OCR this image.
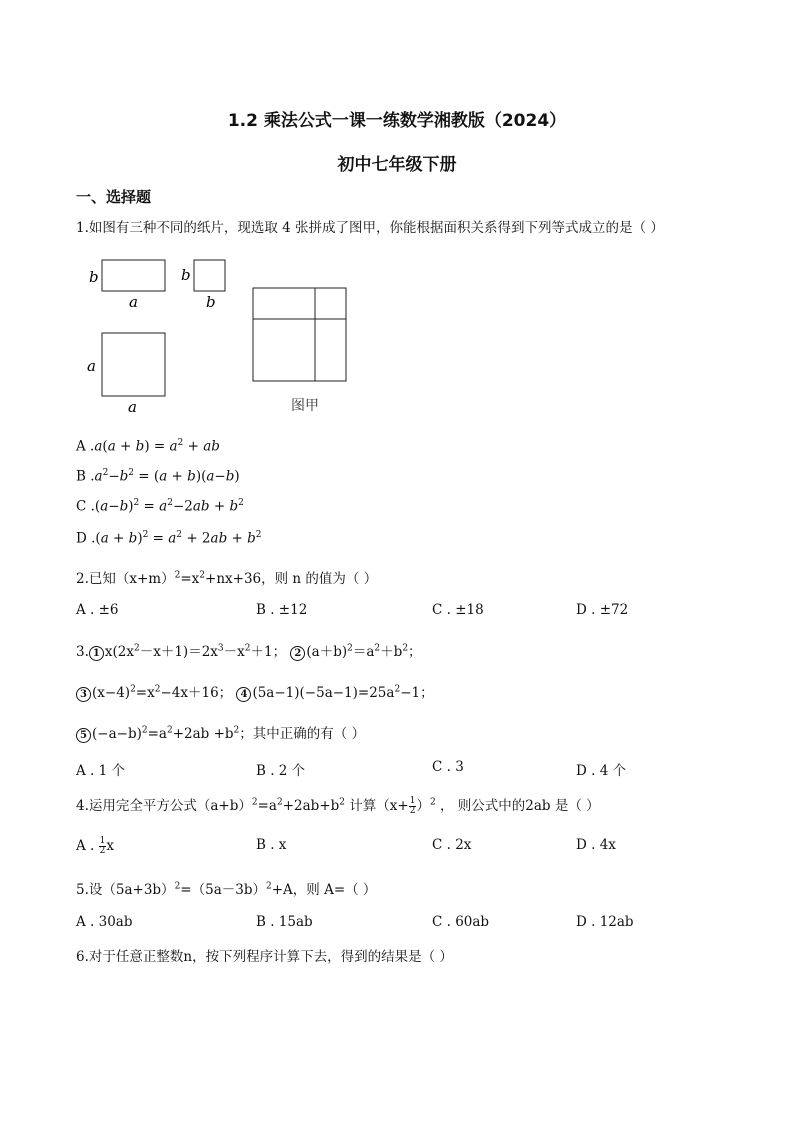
1.2 乘法公式一课一练数学湘教版（2024）
初中七年级下册
一、选择题
1.如图有三种不同的纸片，现选取 4 张拼成了图甲，你能根据面积关系得到下列等式成立的是（ ）
b
a
b
b
a
a	图甲
A $.a(a + b) = a^2$ + ab
B $.a^2-b^2 = (a + b)(a-b)$
C $.(a-b)^2 = a^2-2ab + b^2$
D $.(a + b)^2 = a^2 + 2ab + b^2$
2.已知$(x+m)^2=x^2+nx+36$，则 n 的值为（ ）
A . ±6	B . ±12	C . ±18	D . ±72
3. 1 $x(2x^2-x+1)=2x^3-x^2+1$； 2 $(a+b)^2=a^2+b^2$；
3 $(x-4)^2=x^2-4x+16$； 4 $(5a-1)(-5a-1)=25a^2-1$；
5 $(-a-b)^2=a^2+2ab +b^2$；其中正确的有（ ）
A . 1 个	B . 2 个	C . 3	D . 4 个
4.运用完全平方公式$(a+b)^2=a^2+2ab+b^2$ 计算$(x+ \frac{1}{2} )^2$ ， 则公式中的2ab 是（ ）
A . $\frac{1}{2}$ x	B . x	C . 2x	D . 4x
5.设$(5a+3b)^2=(5a-3b)^2+A$，则 A=（ ）
A . 30ab	B . 15ab	C . 60ab	D . 12ab
6.对于任意正整数n，按下列程序计算下去，得到的结果是（ ）
